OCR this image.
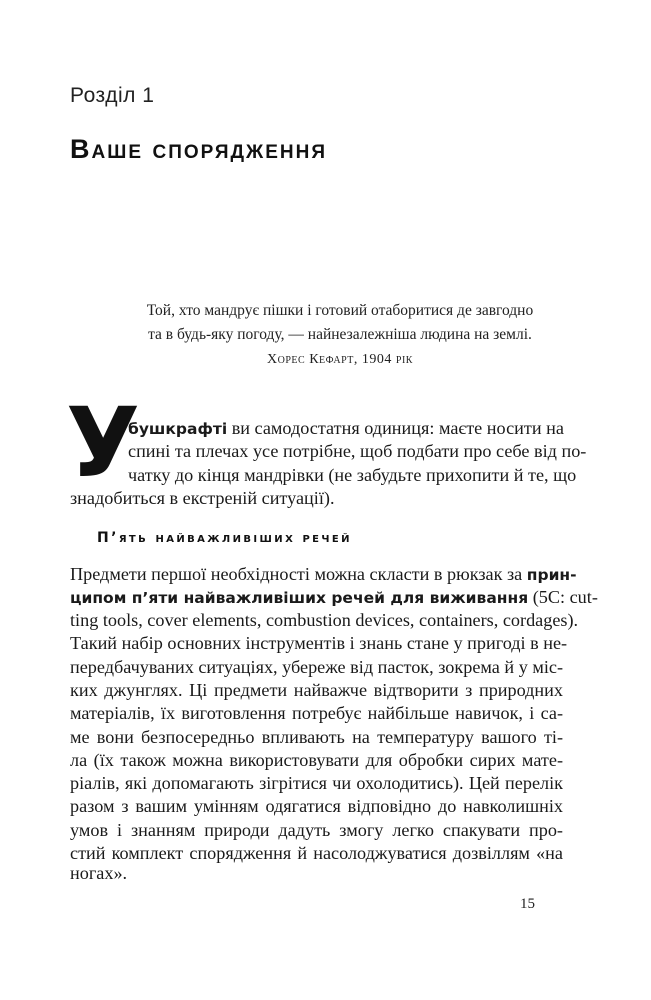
Розділ 1
Ваше спорядження
Той, хто мандрує пішки і готовий отаборитися де завгодно
та в будь-яку погоду, — найнезалежніша людина на землі.
Хорес Кефарт, 1904 рік
У
бушкрафті ви самодостатня одиниця: маєте носити на
спині та плечах усе потрібне, щоб подбати про себе від по-
чатку до кінця мандрівки (не забудьте прихопити й те, що
знадобиться в екстреній ситуації).
П’ять найважливіших речей
Предмети першої необхідності можна скласти в рюкзак за прин-
ципом п’яти найважливіших речей для виживання (5C: cut-
ting tools, cover elements, combustion devices, containers, cordages).
Такий набір основних інструментів і знань стане у пригоді в не-
передбачуваних ситуаціях, убереже від пасток, зокрема й у міс-
ких джунглях. Ці предмети найважче відтворити з природних
матеріалів, їх виготовлення потребує найбільше навичок, і са-
ме вони безпосередньо впливають на температуру вашого ті-
ла (їх також можна використовувати для обробки сирих мате-
ріалів, які допомагають зігрітися чи охолодитись). Цей перелік
разом з вашим умінням одягатися відповідно до навколишніх
умов і знанням природи дадуть змогу легко спакувати про-
стий комплект спорядження й насолоджуватися дозвіллям «на
ногах».
15
